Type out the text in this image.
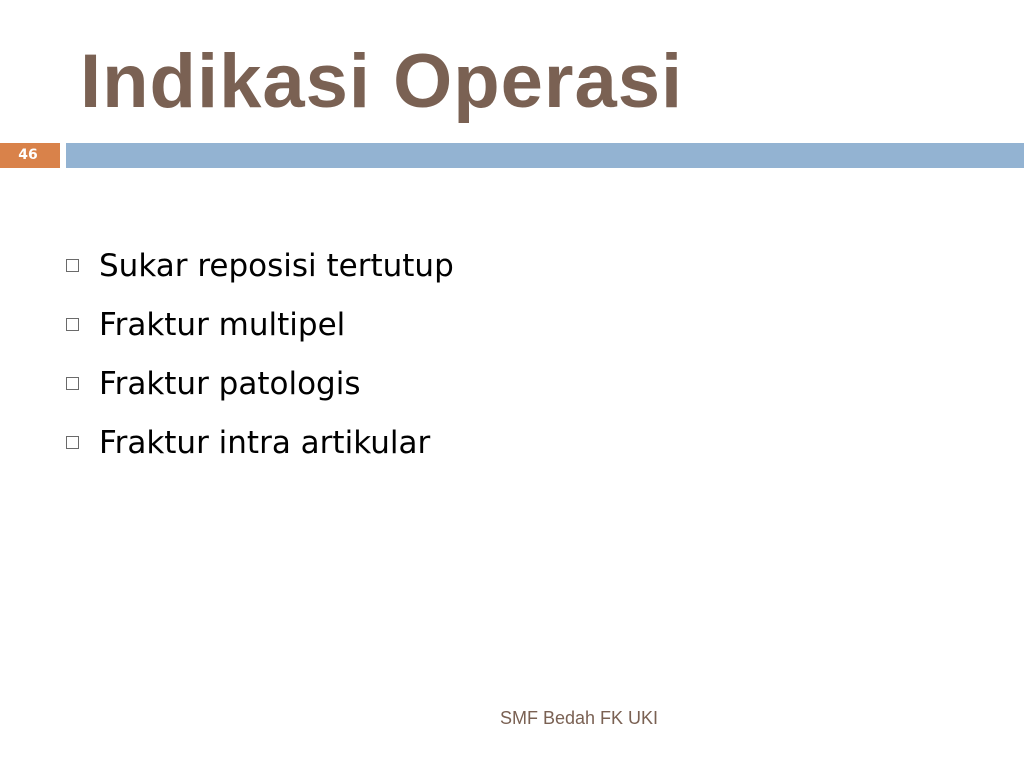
Indikasi Operasi
46
Sukar reposisi tertutup
Fraktur multipel
Fraktur patologis
Fraktur intra artikular
SMF Bedah FK UKI
